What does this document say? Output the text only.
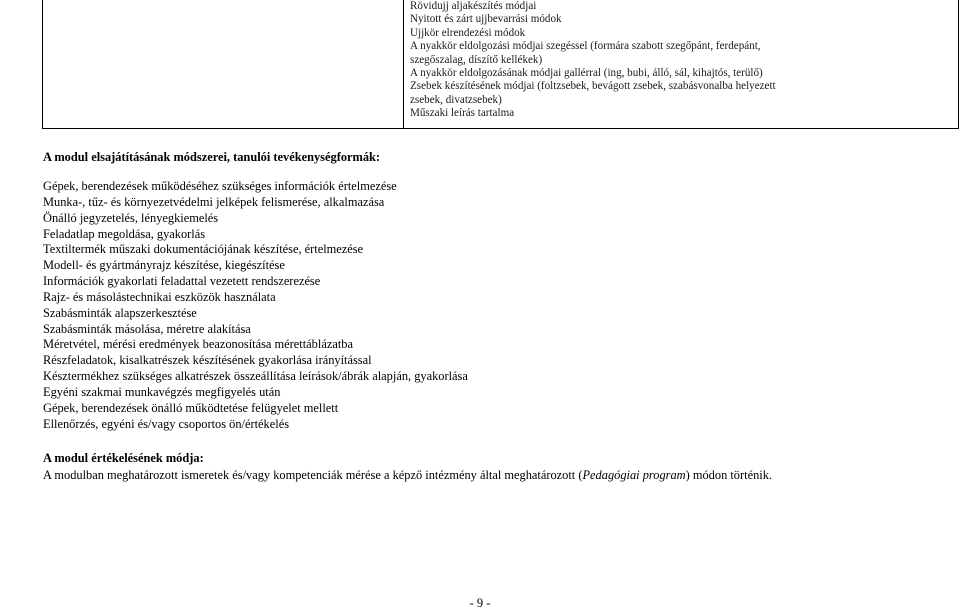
Rövidujj aljakészítés módjai
Nyitott és zárt ujjbevarrási módok
Ujjkör elrendezési módok
A nyakkör eldolgozási módjai szegéssel (formára szabott szegőpánt, ferdepánt,
szegőszalag, díszítő kellékek)
A nyakkör eldolgozásának módjai gallérral (ing, bubi, álló, sál, kihajtós, terülő)
Zsebek készítésének módjai (foltzsebek, bevágott zsebek, szabásvonalba helyezett
zsebek, divatzsebek)
Műszaki leírás tartalma
A modul elsajátításának módszerei, tanulói tevékenységformák:
Gépek, berendezések működéséhez szükséges információk értelmezése
Munka-, tűz- és környezetvédelmi jelképek felismerése, alkalmazása
Önálló jegyzetelés, lényegkiemelés
Feladatlap megoldása, gyakorlás
Textiltermék műszaki dokumentációjának készítése, értelmezése
Modell- és gyártmányrajz készítése, kiegészítése
Információk gyakorlati feladattal vezetett rendszerezése
Rajz- és másolástechnikai eszközök használata
Szabásminták alapszerkesztése
Szabásminták másolása, méretre alakítása
Méretvétel, mérési eredmények beazonosítása mérettáblázatba
Részfeladatok, kisalkatrészek készítésének gyakorlása irányítással
Késztermékhez szükséges alkatrészek összeállítása leírások/ábrák alapján, gyakorlása
Egyéni szakmai munkavégzés megfigyelés után
Gépek, berendezések önálló működtetése felügyelet mellett
Ellenőrzés, egyéni és/vagy csoportos ön/értékelés
A modul értékelésének módja:
A modulban meghatározott ismeretek és/vagy kompetenciák mérése a képző intézmény által meghatározott (Pedagógiai program) módon történik.
- 9 -
